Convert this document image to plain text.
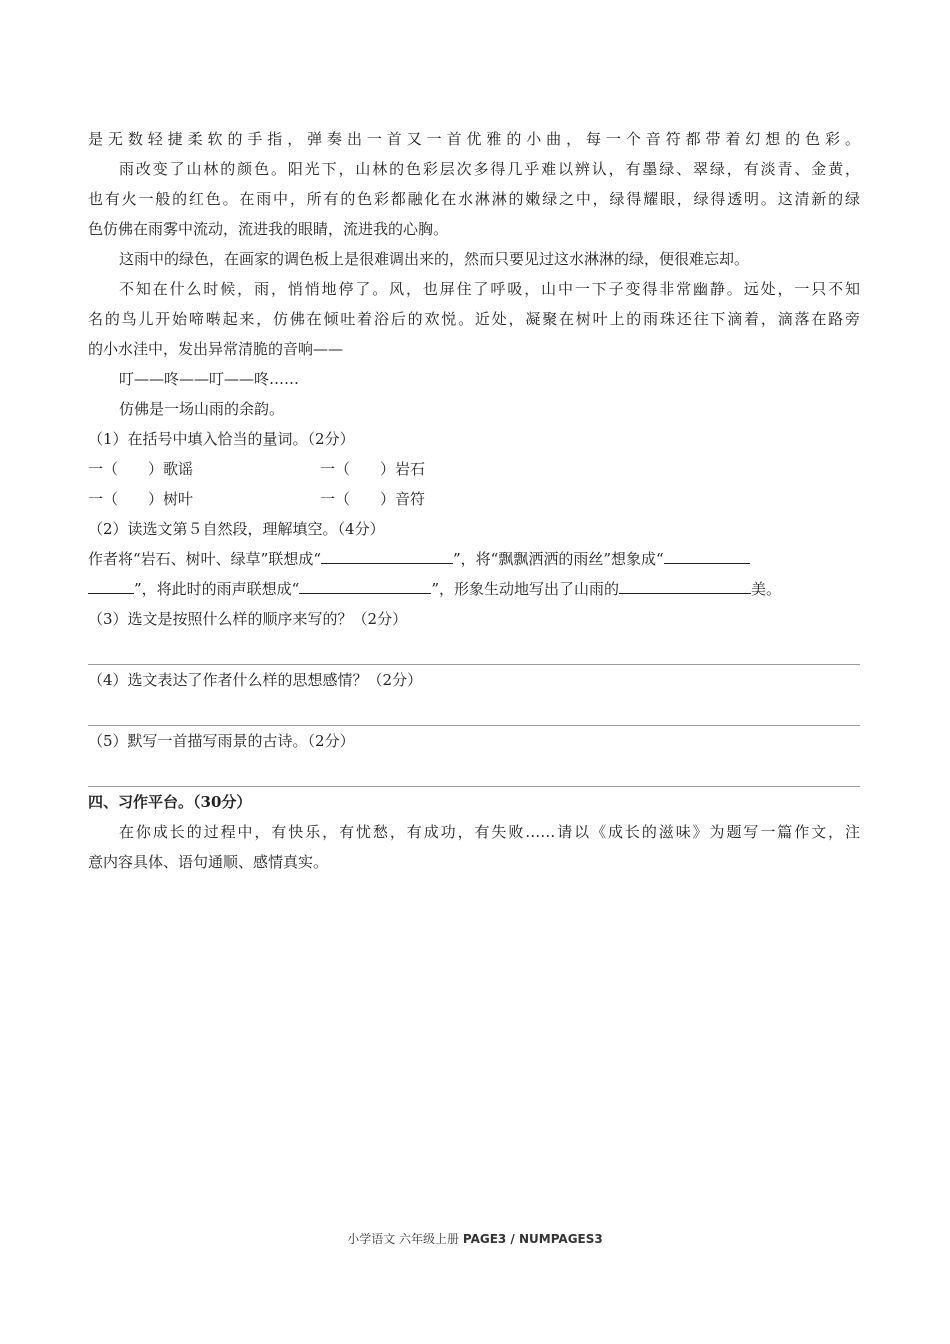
是无数轻捷柔软的手指，弹奏出一首又一首优雅的小曲，每一个音符都带着幻想的色彩。
雨改变了山林的颜色。阳光下，山林的色彩层次多得几乎难以辨认，有墨绿、翠绿，有淡青、金黄，
也有火一般的红色。在雨中，所有的色彩都融化在水淋淋的嫩绿之中，绿得耀眼，绿得透明。这清新的绿
色仿佛在雨雾中流动，流进我的眼睛，流进我的心胸。
这雨中的绿色，在画家的调色板上是很难调出来的，然而只要见过这水淋淋的绿，便很难忘却。
不知在什么时候，雨，悄悄地停了。风，也屏住了呼吸，山中一下子变得非常幽静。远处，一只不知
名的鸟儿开始啼啭起来，仿佛在倾吐着浴后的欢悦。近处，凝聚在树叶上的雨珠还往下滴着，滴落在路旁
的小水洼中，发出异常清脆的音响——
叮——咚——叮——咚……
仿佛是一场山雨的余韵。
（1）在括号中填入恰当的量词。（2分）
一（　　）歌谣	一（　　）岩石
一（　　）树叶	一（　　）音符
（2）读选文第５自然段，理解填空。（4分）
作者将“岩石、树叶、绿草”联想成“	”，将“飘飘洒洒的雨丝”想象成“
”，将此时的雨声联想成“	”，形象生动地写出了山雨的	美。
（3）选文是按照什么样的顺序来写的？（2分）
（4）选文表达了作者什么样的思想感情？（2分）
（5）默写一首描写雨景的古诗。（2分）
四、习作平台。（30分）
在你成长的过程中，有快乐，有忧愁，有成功，有失败……请以《成长的滋味》为题写一篇作文，注
意内容具体、语句通顺、感情真实。
小学语文 六年级上册 PAGE3 / NUMPAGES3
